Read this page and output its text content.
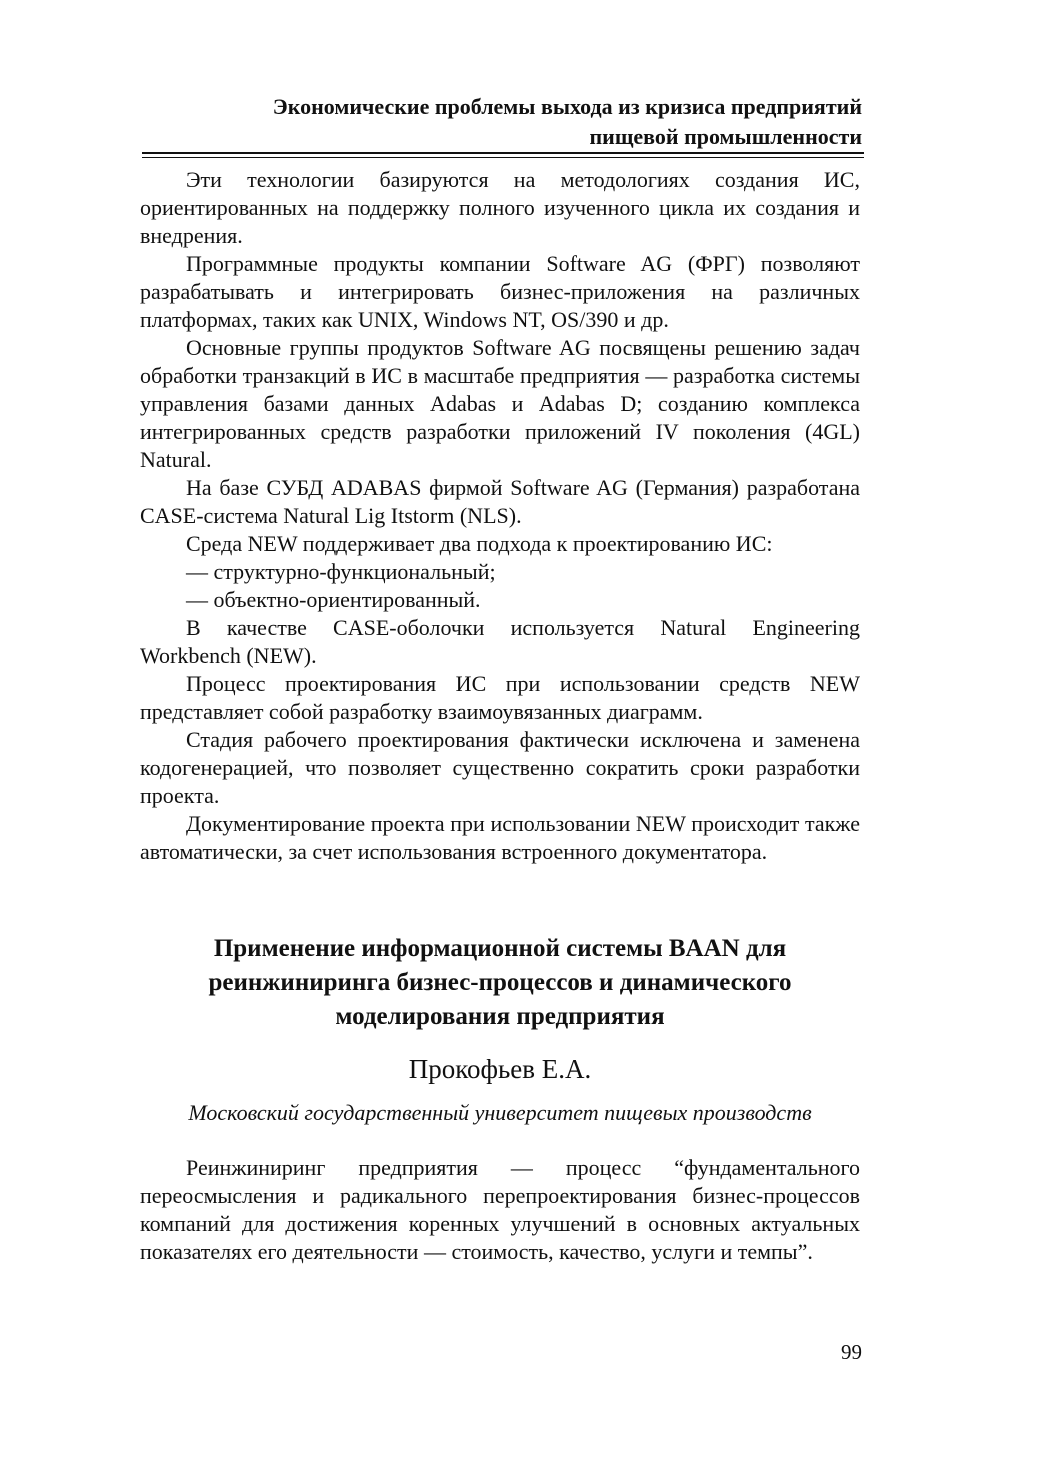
Экономические проблемы выхода из кризиса предприятий
пищевой промышленности

Эти технологии базируются на методологиях создания ИС, ориентированных на поддержку полного изученного цикла их создания и внедрения.

Программные продукты компании Software AG (ФРГ) позволяют разрабатывать и интегрировать бизнес-приложения на различных платформах, таких как UNIX, Windows NT, OS/390 и др.

Основные группы продуктов Software AG посвящены решению задач обработки транзакций в ИС в масштабе предприятия — разработка системы управления базами данных Adabas и Adabas D; созданию комплекса интегрированных средств разработки приложений IV поколения (4GL) Natural.

На базе СУБД ADABAS фирмой Software AG (Германия) разработана CASE-система Natural Lig Itstorm (NLS).

Среда NEW поддерживает два подхода к проектированию ИС:

— структурно-функциональный;

— объектно-ориентированный.

В качестве CASE-оболочки используется Natural Engineering Workbench (NEW).

Процесс проектирования ИС при использовании средств NEW представляет собой разработку взаимоувязанных диаграмм.

Стадия рабочего проектирования фактически исключена и заменена кодогенерацией, что позволяет существенно сократить сроки разработки проекта.

Документирование проекта при использовании NEW происходит также автоматически, за счет использования встроенного документатора.

Применение информационной системы BAAN для реинжиниринга бизнес-процессов и динамического моделирования предприятия
Прокофьев Е.А.
Московский государственный университет пищевых производств

Реинжиниринг предприятия — процесс “фундаментального переосмысления и радикального перепроектирования бизнес-процессов компаний для достижения коренных улучшений в основных актуальных показателях его деятельности — стоимость, качество, услуги и темпы”.

99
